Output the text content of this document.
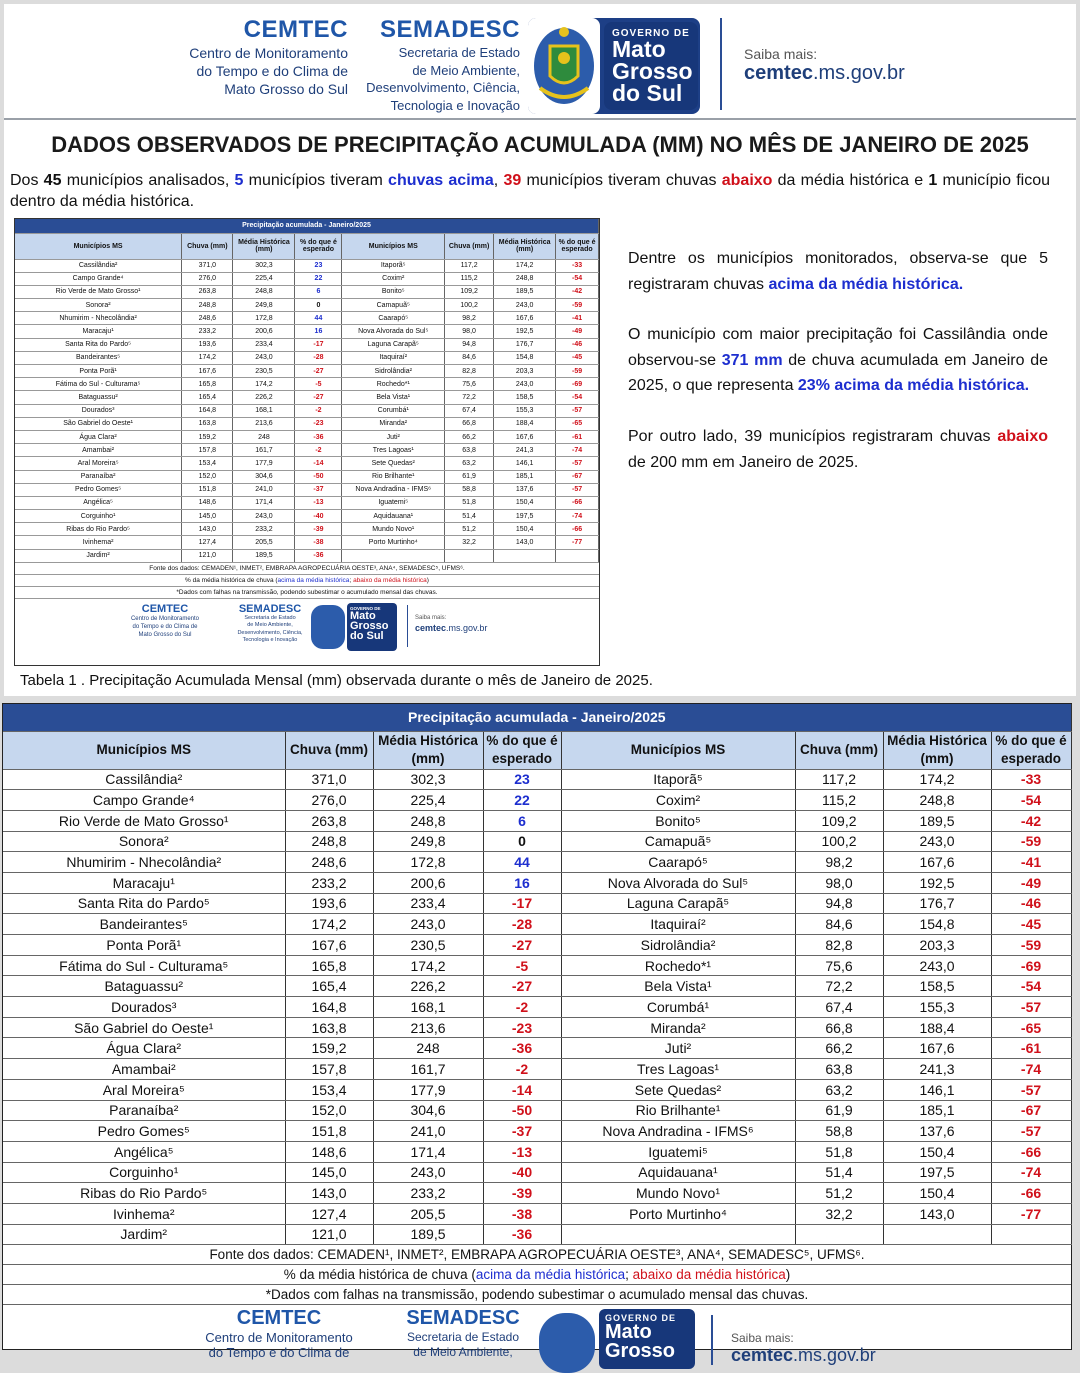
CEMTEC
Centro de Monitoramento
do Tempo e do Clima de
Mato Grosso do Sul
SEMADESC
Secretaria de Estado
de Meio Ambiente,
Desenvolvimento, Ciência,
Tecnologia e Inovação
GOVERNO DE
Mato
Grosso
do Sul
Saiba mais:
cemtec.ms.gov.br
DADOS OBSERVADOS DE PRECIPITAÇÃO ACUMULADA (MM) NO MÊS DE JANEIRO DE 2025
Dos 45 municípios analisados, 5 municípios tiveram chuvas acima, 39 municípios tiveram chuvas abaixo da média histórica e 1 município ficou dentro da média histórica.
Precipitação acumulada - Janeiro/2025							
Municípios MS	Chuva (mm)	Média Histórica (mm)	% do que é esperado	Municípios MS	Chuva (mm)	Média Histórica (mm)	% do que é esperado
Cassilândia²	371,0	302,3	23	Itaporã⁵	117,2	174,2	-33
Campo Grande⁴	276,0	225,4	22	Coxim²	115,2	248,8	-54
Rio Verde de Mato Grosso¹	263,8	248,8	6	Bonito⁵	109,2	189,5	-42
Sonora²	248,8	249,8	0	Camapuã⁵	100,2	243,0	-59
Nhumirim - Nhecolândia²	248,6	172,8	44	Caarapó⁵	98,2	167,6	-41
Maracaju¹	233,2	200,6	16	Nova Alvorada do Sul⁵	98,0	192,5	-49
Santa Rita do Pardo⁵	193,6	233,4	-17	Laguna Carapã⁵	94,8	176,7	-46
Bandeirantes⁵	174,2	243,0	-28	Itaquiraí²	84,6	154,8	-45
Ponta Porã¹	167,6	230,5	-27	Sidrolândia²	82,8	203,3	-59
Fátima do Sul - Culturama⁵	165,8	174,2	-5	Rochedo*¹	75,6	243,0	-69
Bataguassu²	165,4	226,2	-27	Bela Vista¹	72,2	158,5	-54
Dourados³	164,8	168,1	-2	Corumbá¹	67,4	155,3	-57
São Gabriel do Oeste¹	163,8	213,6	-23	Miranda²	66,8	188,4	-65
Água Clara²	159,2	248	-36	Juti²	66,2	167,6	-61
Amambai²	157,8	161,7	-2	Tres Lagoas¹	63,8	241,3	-74
Aral Moreira⁵	153,4	177,9	-14	Sete Quedas²	63,2	146,1	-57
Paranaíba²	152,0	304,6	-50	Rio Brilhante¹	61,9	185,1	-67
Pedro Gomes⁵	151,8	241,0	-37	Nova Andradina - IFMS⁶	58,8	137,6	-57
Angélica⁵	148,6	171,4	-13	Iguatemi⁵	51,8	150,4	-66
Corguinho¹	145,0	243,0	-40	Aquidauana¹	51,4	197,5	-74
Ribas do Rio Pardo⁵	143,0	233,2	-39	Mundo Novo¹	51,2	150,4	-66
Ivinhema²	127,4	205,5	-38	Porto Murtinho⁴	32,2	143,0	-77
Jardim²	121,0	189,5	-36				
Fonte dos dados: CEMADEN¹, INMET², EMBRAPA AGROPECUÁRIA OESTE³, ANA⁴, SEMADESC⁵, UFMS⁶.
% da média histórica de chuva (acima da média histórica; abaixo da média histórica)
*Dados com falhas na transmissão, podendo subestimar o acumulado mensal das chuvas.
CEMTEC
Centro de Monitoramento
do Tempo e do Clima de
Mato Grosso do Sul
SEMADESC
Secretaria de Estado
de Meio Ambiente,
Desenvolvimento, Ciência,
Tecnologia e Inovação
GOVERNO DE
Mato
Grosso
do Sul
Saiba mais:
cemtec.ms.gov.br
Dentre os municípios monitorados, observa-se que 5 registraram chuvas acima da média histórica.
O município com maior precipitação foi Cassilândia onde observou-se 371 mm de chuva acumulada em Janeiro de 2025, o que representa 23% acima da média histórica.
Por outro lado, 39 municípios registraram chuvas abaixo de 200 mm em Janeiro de 2025.
Tabela 1 . Precipitação Acumulada Mensal (mm) observada durante o mês de Janeiro de 2025.
Precipitação acumulada - Janeiro/2025							
Municípios MS	Chuva (mm)	Média Histórica (mm)	% do que é esperado	Municípios MS	Chuva (mm)	Média Histórica (mm)	% do que é esperado
Cassilândia²	371,0	302,3	23	Itaporã⁵	117,2	174,2	-33
Campo Grande⁴	276,0	225,4	22	Coxim²	115,2	248,8	-54
Rio Verde de Mato Grosso¹	263,8	248,8	6	Bonito⁵	109,2	189,5	-42
Sonora²	248,8	249,8	0	Camapuã⁵	100,2	243,0	-59
Nhumirim - Nhecolândia²	248,6	172,8	44	Caarapó⁵	98,2	167,6	-41
Maracaju¹	233,2	200,6	16	Nova Alvorada do Sul⁵	98,0	192,5	-49
Santa Rita do Pardo⁵	193,6	233,4	-17	Laguna Carapã⁵	94,8	176,7	-46
Bandeirantes⁵	174,2	243,0	-28	Itaquiraí²	84,6	154,8	-45
Ponta Porã¹	167,6	230,5	-27	Sidrolândia²	82,8	203,3	-59
Fátima do Sul - Culturama⁵	165,8	174,2	-5	Rochedo*¹	75,6	243,0	-69
Bataguassu²	165,4	226,2	-27	Bela Vista¹	72,2	158,5	-54
Dourados³	164,8	168,1	-2	Corumbá¹	67,4	155,3	-57
São Gabriel do Oeste¹	163,8	213,6	-23	Miranda²	66,8	188,4	-65
Água Clara²	159,2	248	-36	Juti²	66,2	167,6	-61
Amambai²	157,8	161,7	-2	Tres Lagoas¹	63,8	241,3	-74
Aral Moreira⁵	153,4	177,9	-14	Sete Quedas²	63,2	146,1	-57
Paranaíba²	152,0	304,6	-50	Rio Brilhante¹	61,9	185,1	-67
Pedro Gomes⁵	151,8	241,0	-37	Nova Andradina - IFMS⁶	58,8	137,6	-57
Angélica⁵	148,6	171,4	-13	Iguatemi⁵	51,8	150,4	-66
Corguinho¹	145,0	243,0	-40	Aquidauana¹	51,4	197,5	-74
Ribas do Rio Pardo⁵	143,0	233,2	-39	Mundo Novo¹	51,2	150,4	-66
Ivinhema²	127,4	205,5	-38	Porto Murtinho⁴	32,2	143,0	-77
Jardim²	121,0	189,5	-36				
Fonte dos dados: CEMADEN¹, INMET², EMBRAPA AGROPECUÁRIA OESTE³, ANA⁴, SEMADESC⁵, UFMS⁶.
% da média histórica de chuva (acima da média histórica; abaixo da média histórica)
*Dados com falhas na transmissão, podendo subestimar o acumulado mensal das chuvas.
CEMTEC
Centro de Monitoramento
do Tempo e do Clima de
SEMADESC
Secretaria de Estado
de Meio Ambiente,
GOVERNO DE
Mato
Grosso
Saiba mais:
cemtec.ms.gov.br
